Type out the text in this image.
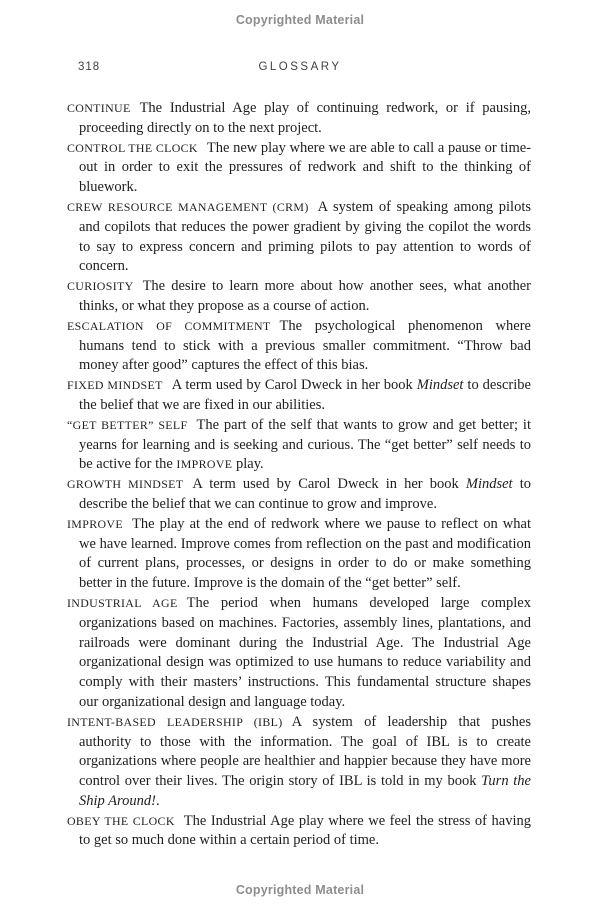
Copyrighted Material
318	GLOSSARY
CONTINUE The Industrial Age play of continuing redwork, or if pausing, proceeding directly on to the next project.
CONTROL THE CLOCK The new play where we are able to call a pause or time-out in order to exit the pressures of redwork and shift to the thinking of bluework.
CREW RESOURCE MANAGEMENT (CRM) A system of speaking among pilots and copilots that reduces the power gradient by giving the copilot the words to say to express concern and priming pilots to pay attention to words of concern.
CURIOSITY The desire to learn more about how another sees, what another thinks, or what they propose as a course of action.
ESCALATION OF COMMITMENT The psychological phenomenon where humans tend to stick with a previous smaller commitment. “Throw bad money after good” captures the effect of this bias.
FIXED MINDSET A term used by Carol Dweck in her book Mindset to describe the belief that we are fixed in our abilities.
“GET BETTER” SELF The part of the self that wants to grow and get better; it yearns for learning and is seeking and curious. The “get better” self needs to be active for the IMPROVE play.
GROWTH MINDSET A term used by Carol Dweck in her book Mindset to describe the belief that we can continue to grow and improve.
IMPROVE The play at the end of redwork where we pause to reflect on what we have learned. Improve comes from reflection on the past and modification of current plans, processes, or designs in order to do or make something better in the future. Improve is the domain of the “get better” self.
INDUSTRIAL AGE The period when humans developed large complex organizations based on machines. Factories, assembly lines, plantations, and railroads were dominant during the Industrial Age. The Industrial Age organizational design was optimized to use humans to reduce variability and comply with their masters’ instructions. This fundamental structure shapes our organizational design and language today.
INTENT-BASED LEADERSHIP (IBL) A system of leadership that pushes authority to those with the information. The goal of IBL is to create organizations where people are healthier and happier because they have more control over their lives. The origin story of IBL is told in my book Turn the Ship Around!.
OBEY THE CLOCK The Industrial Age play where we feel the stress of having to get so much done within a certain period of time.
Copyrighted Material
